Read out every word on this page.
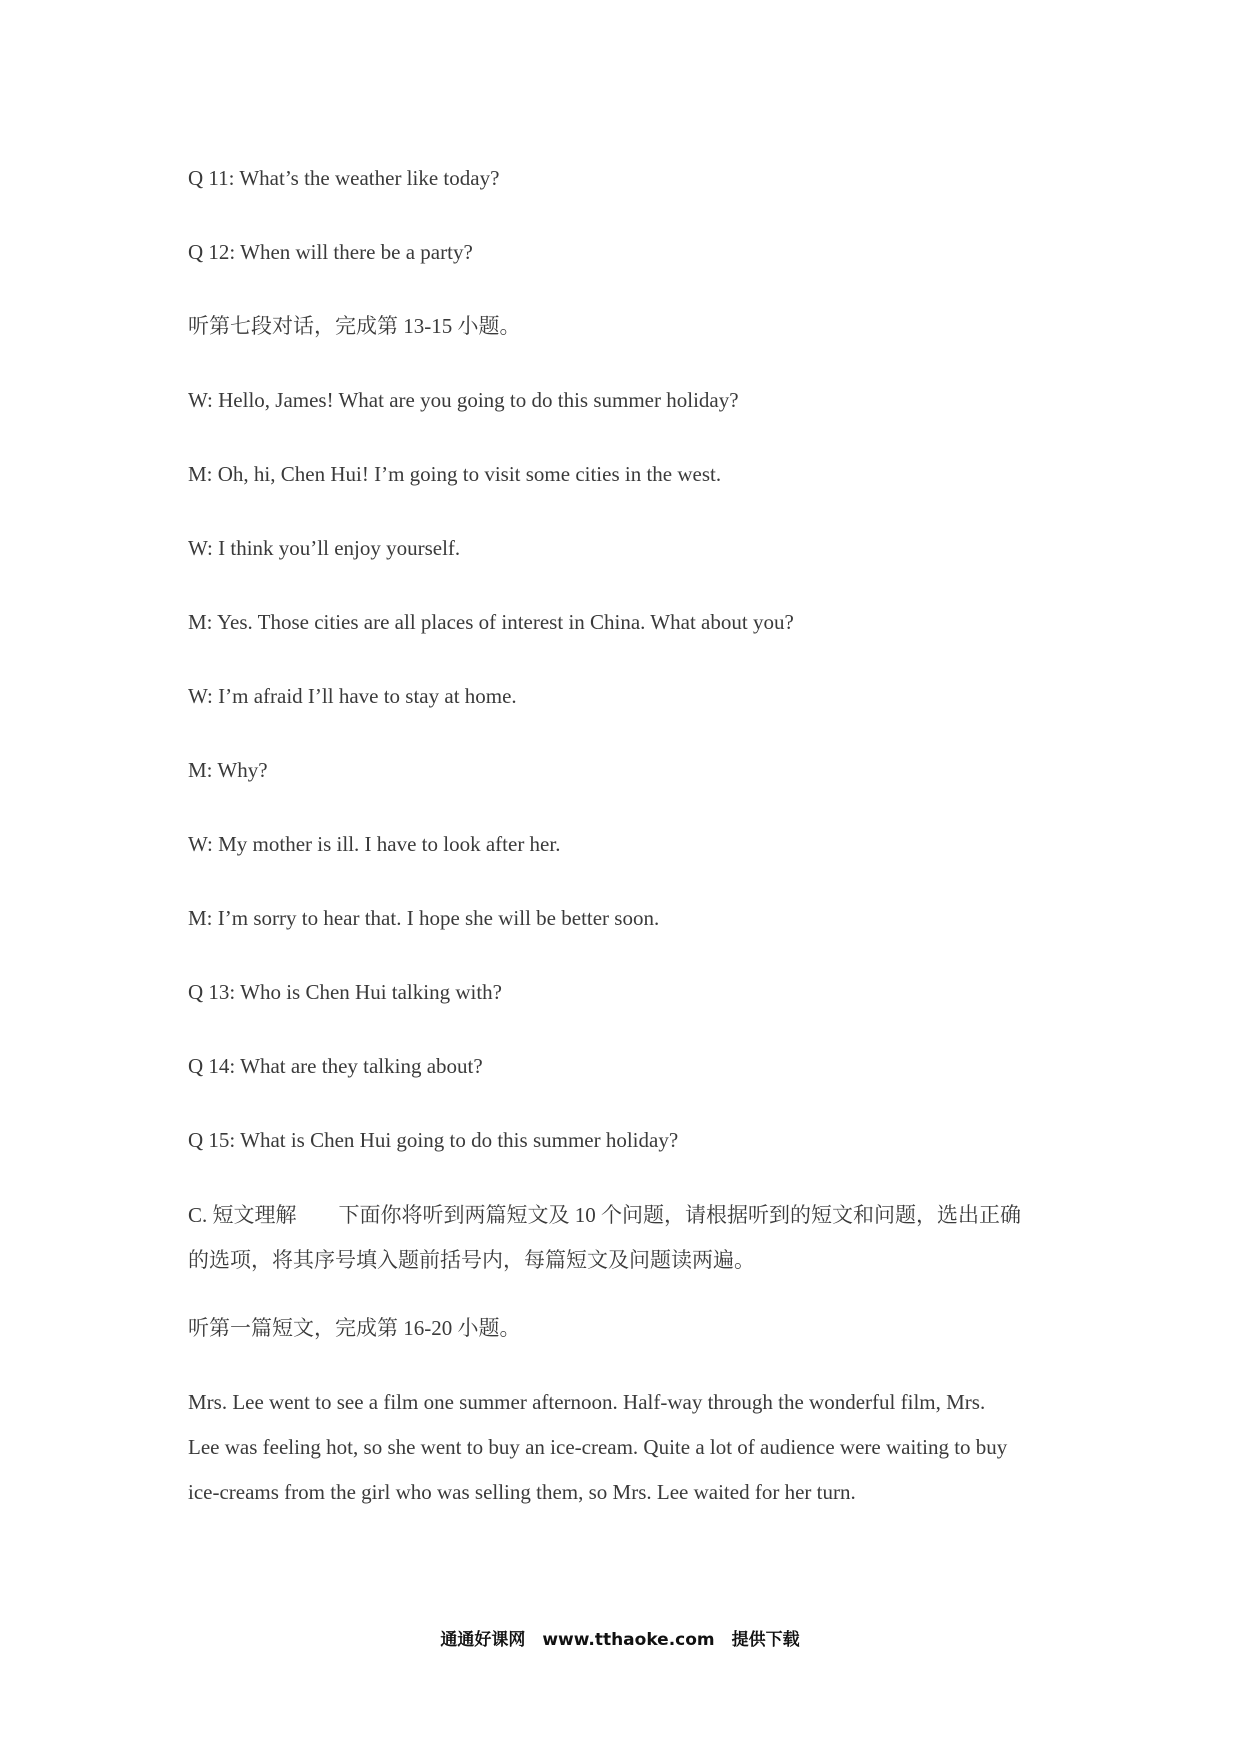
Q 11: What’s the weather like today?
Q 12: When will there be a party?
听第七段对话，完成第 13-15 小题。
W: Hello, James! What are you going to do this summer holiday?
M: Oh, hi, Chen Hui! I’m going to visit some cities in the west.
W: I think you’ll enjoy yourself.
M: Yes. Those cities are all places of interest in China. What about you?
W: I’m afraid I’ll have to stay at home.
M: Why?
W: My mother is ill. I have to look after her.
M: I’m sorry to hear that. I hope she will be better soon.
Q 13: Who is Chen Hui talking with?
Q 14: What are they talking about?
Q 15: What is Chen Hui going to do this summer holiday?
C. 短文理解　　下面你将听到两篇短文及 10 个问题，请根据听到的短文和问题，选出正确
的选项，将其序号填入题前括号内，每篇短文及问题读两遍。
听第一篇短文，完成第 16-20 小题。
Mrs. Lee went to see a film one summer afternoon. Half-way through the wonderful film, Mrs.
Lee was feeling hot, so she went to buy an ice-cream. Quite a lot of audience were waiting to buy
ice-creams from the girl who was selling them, so Mrs. Lee waited for her turn.
通通好课网　www.tthaoke.com　提供下载
